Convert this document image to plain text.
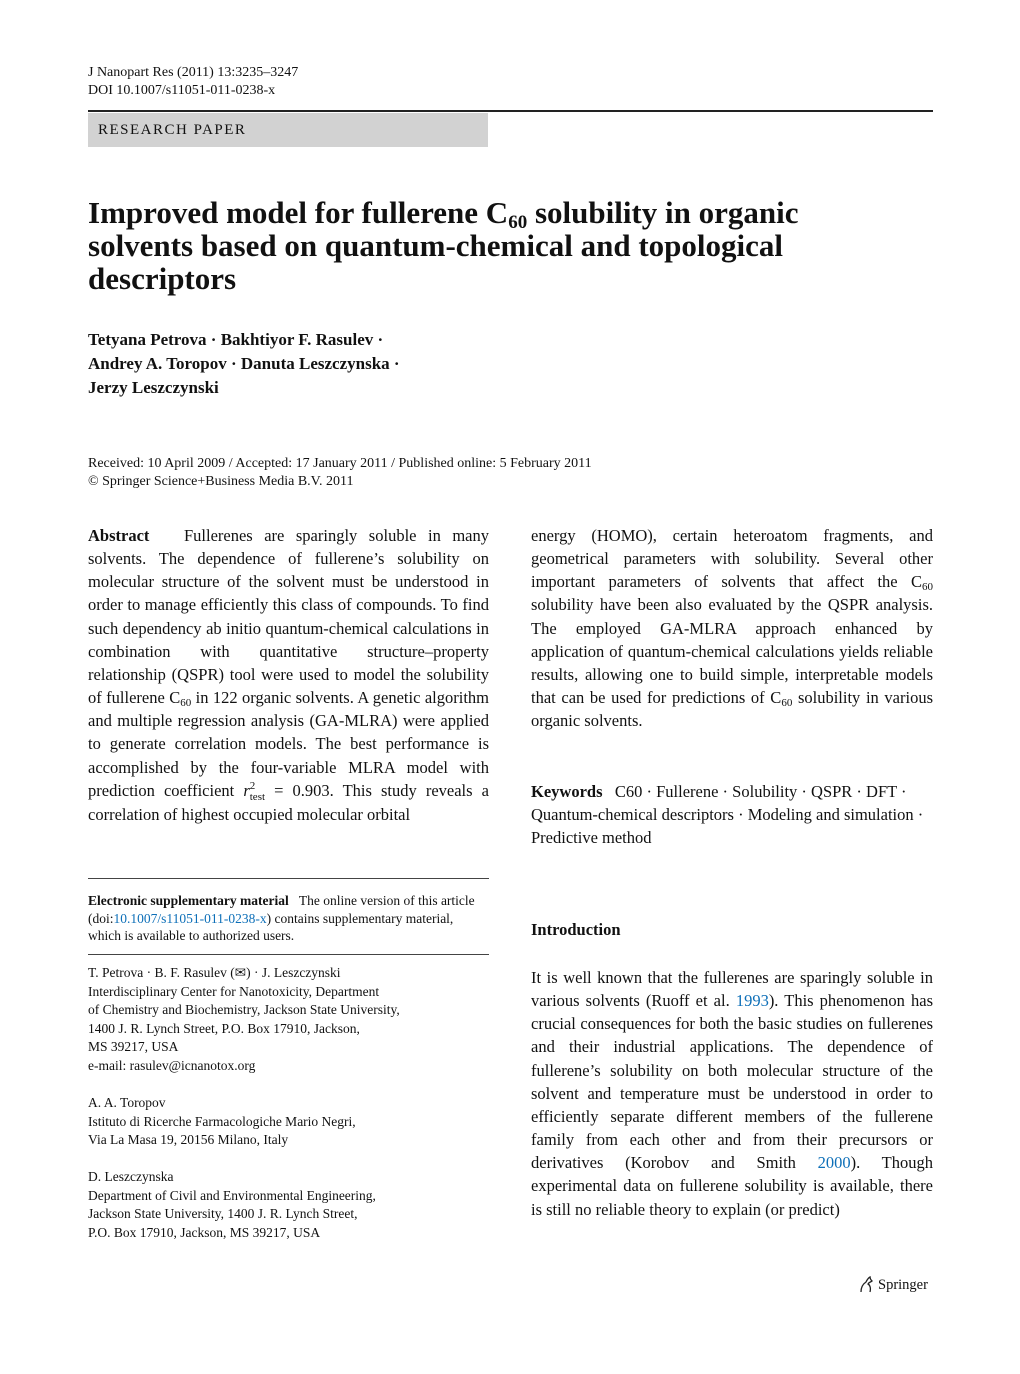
J Nanopart Res (2011) 13:3235–3247
DOI 10.1007/s11051-011-0238-x
RESEARCH PAPER
Improved model for fullerene $C_{60}$ solubility in organic solvents based on quantum-chemical and topological descriptors
Tetyana Petrova · Bakhtiyor F. Rasulev ·
Andrey A. Toropov · Danuta Leszczynska ·
Jerzy Leszczynski
Received: 10 April 2009 / Accepted: 17 January 2011 / Published online: 5 February 2011
© Springer Science+Business Media B.V. 2011

Abstract Fullerenes are sparingly soluble in many solvents. The dependence of fullerene’s solubility on molecular structure of the solvent must be understood in order to manage efficiently this class of compounds. To find such dependency ab initio quantum-chemical calculations in combination with quantitative structure–property relationship (QSPR) tool were used to model the solubility of fullerene $C_{60}$ in 122 organic solvents. A genetic algorithm and multiple regression analysis (GA-MLRA) were applied to generate correlation models. The best performance is accomplished by the four-variable MLRA model with prediction coefficient r 2
test = 0.903. This study reveals a correlation of highest occupied molecular orbital

energy (HOMO), certain heteroatom fragments, and geometrical parameters with solubility. Several other important parameters of solvents that affect the $C_{60}$ solubility have been also evaluated by the QSPR analysis. The employed GA-MLRA approach enhanced by application of quantum-chemical calculations yields reliable results, allowing one to build simple, interpretable models that can be used for predictions of $C_{60}$ solubility in various organic solvents.

Keywords C60 · Fullerene · Solubility · QSPR · DFT · Quantum-chemical descriptors · Modeling and simulation · Predictive method
Electronic supplementary material The online version of this article (doi:10.1007/s11051-011-0238-x) contains supplementary material, which is available to authorized users.
T. Petrova · B. F. Rasulev (✉) · J. Leszczynski
Interdisciplinary Center for Nanotoxicity, Department
of Chemistry and Biochemistry, Jackson State University,
1400 J. R. Lynch Street, P.O. Box 17910, Jackson,
MS 39217, USA
e-mail: rasulev@icnanotox.org
A. A. Toropov
Istituto di Ricerche Farmacologiche Mario Negri,
Via La Masa 19, 20156 Milano, Italy
D. Leszczynska
Department of Civil and Environmental Engineering,
Jackson State University, 1400 J. R. Lynch Street,
P.O. Box 17910, Jackson, MS 39217, USA
Introduction

It is well known that the fullerenes are sparingly soluble in various solvents (Ruoff et al. 1993). This phenomenon has crucial consequences for both the basic studies on fullerenes and their industrial applications. The dependence of fullerene’s solubility on both molecular structure of the solvent and temperature must be understood in order to efficiently separate different members of the fullerene family from each other and from their precursors or derivatives (Korobov and Smith 2000). Though experimental data on fullerene solubility is available, there is still no reliable theory to explain (or predict)

Springer
